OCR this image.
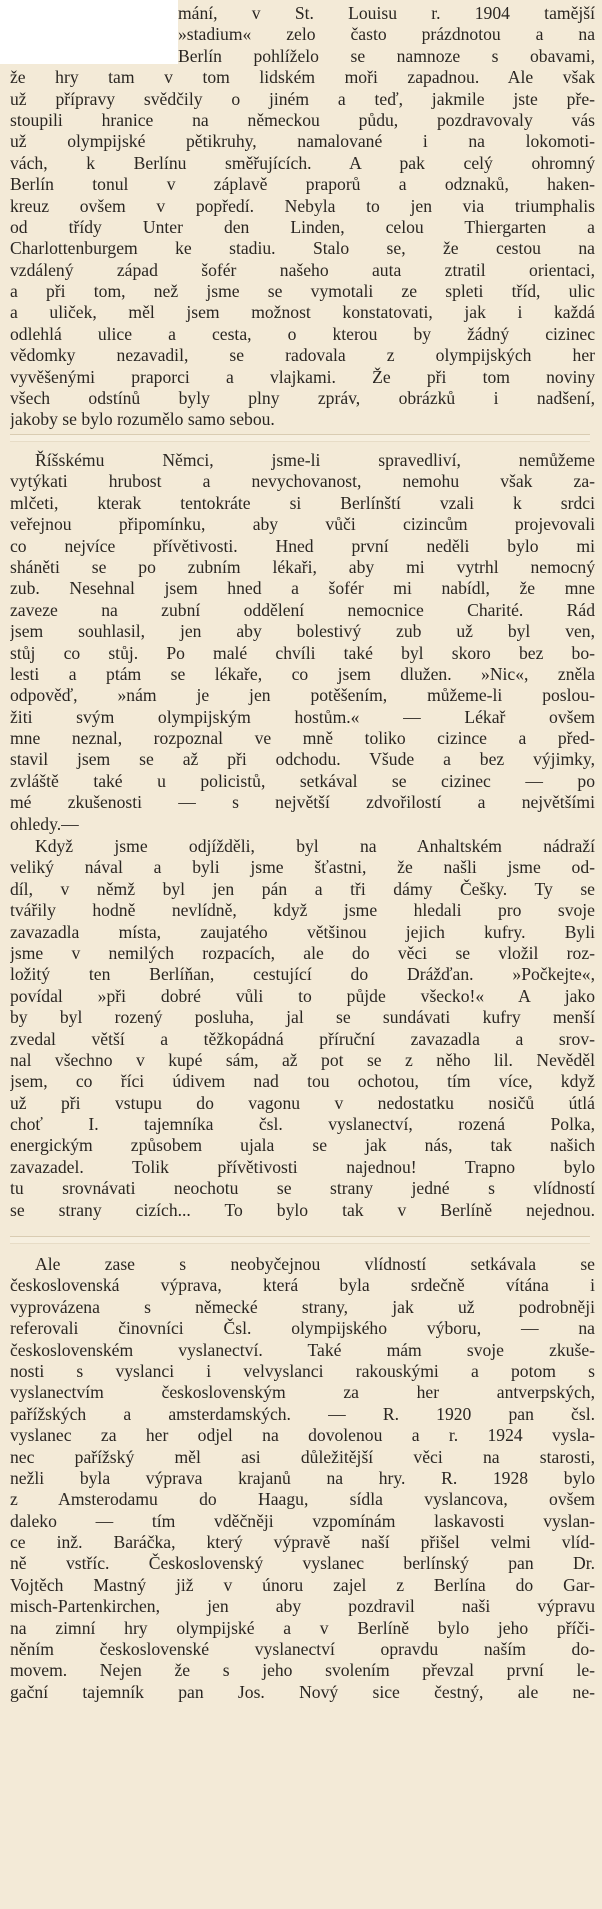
mání, v St. Louisu r. 1904 tamější
»stadium« zelo často prázdnotou a na
Berlín pohlíželo se namnoze s obavami,
že hry tam v tom lidském moři zapadnou. Ale však
už přípravy svědčily o jiném a teď, jakmile jste pře-
stoupili hranice na německou půdu, pozdravovaly vás
už olympijské pětikruhy, namalované i na lokomoti-
vách, k Berlínu směřujících. A pak celý ohromný
Berlín tonul v záplavě praporů a odznaků, haken-
kreuz ovšem v popředí. Nebyla to jen via triumphalis
od třídy Unter den Linden, celou Thiergarten a
Charlottenburgem ke stadiu. Stalo se, že cestou na
vzdálený západ šofér našeho auta ztratil orientaci,
a při tom, než jsme se vymotali ze spleti tříd, ulic
a uliček, měl jsem možnost konstatovati, jak i každá
odlehlá ulice a cesta, o kterou by žádný cizinec
vědomky nezavadil, se radovala z olympijských her
vyvěšenými praporci a vlajkami. Že při tom noviny
všech odstínů byly plny zpráv, obrázků i nadšení,
jakoby se bylo rozumělo samo sebou.
Říšskému Němci, jsme-li spravedliví, nemůžeme
vytýkati hrubost a nevychovanost, nemohu však za-
mlčeti, kterak tentokráte si Berlínští vzali k srdci
veřejnou připomínku, aby vůči cizincům projevovali
co nejvíce přívětivosti. Hned první neděli bylo mi
sháněti se po zubním lékaři, aby mi vytrhl nemocný
zub. Nesehnal jsem hned a šofér mi nabídl, že mne
zaveze na zubní oddělení nemocnice Charité. Rád
jsem souhlasil, jen aby bolestivý zub už byl ven,
stůj co stůj. Po malé chvíli také byl skoro bez bo-
lesti a ptám se lékaře, co jsem dlužen. »Nic«, zněla
odpověď, »nám je jen potěšením, můžeme-li poslou-
žiti svým olympijským hostům.« — Lékař ovšem
mne neznal, rozpoznal ve mně toliko cizince a před-
stavil jsem se až při odchodu. Všude a bez výjimky,
zvláště také u policistů, setkával se cizinec — po
mé zkušenosti — s největší zdvořilostí a největšími
ohledy.—
Když jsme odjížděli, byl na Anhaltském nádraží
veliký nával a byli jsme šťastni, že našli jsme od-
díl, v němž byl jen pán a tři dámy Češky. Ty se
tvářily hodně nevlídně, když jsme hledali pro svoje
zavazadla místa, zaujatého většinou jejich kufry. Byli
jsme v nemilých rozpacích, ale do věci se vložil roz-
ložitý ten Berlíňan, cestující do Drážďan. »Počkejte«,
povídal »při dobré vůli to půjde všecko!« A jako
by byl rozený posluha, jal se sundávati kufry menší
zvedal větší a těžkopádná příruční zavazadla a srov-
nal všechno v kupé sám, až pot se z něho lil. Nevěděl
jsem, co říci údivem nad tou ochotou, tím více, když
už při vstupu do vagonu v nedostatku nosičů útlá
choť I. tajemníka čsl. vyslanectví, rozená Polka,
energickým způsobem ujala se jak nás, tak našich
zavazadel. Tolik přívětivosti najednou! Trapno bylo
tu srovnávati neochotu se strany jedné s vlídností
se strany cizích... To bylo tak v Berlíně nejednou.
Ale zase s neobyčejnou vlídností setkávala se
československá výprava, která byla srdečně vítána i
vyprovázena s německé strany, jak už podrobněji
referovali činovníci Čsl. olympijského výboru, — na
československém vyslanectví. Také mám svoje zkuše-
nosti s vyslanci i velvyslanci rakouskými a potom s
vyslanectvím československým za her antverpských,
pařížských a amsterdamských. — R. 1920 pan čsl.
vyslanec za her odjel na dovolenou a r. 1924 vysla-
nec pařížský měl asi důležitější věci na starosti,
nežli byla výprava krajanů na hry. R. 1928 bylo
z Amsterodamu do Haagu, sídla vyslancova, ovšem
daleko — tím vděčněji vzpomínám laskavosti vyslan-
ce inž. Baráčka, který výpravě naší přišel velmi vlíd-
ně vstříc. Československý vyslanec berlínský pan Dr.
Vojtěch Mastný již v únoru zajel z Berlína do Gar-
misch-Partenkirchen, jen aby pozdravil naši výpravu
na zimní hry olympijské a v Berlíně bylo jeho příči-
něním československé vyslanectví opravdu naším do-
movem. Nejen že s jeho svolením převzal první le-
gační tajemník pan Jos. Nový sice čestný, ale ne-
